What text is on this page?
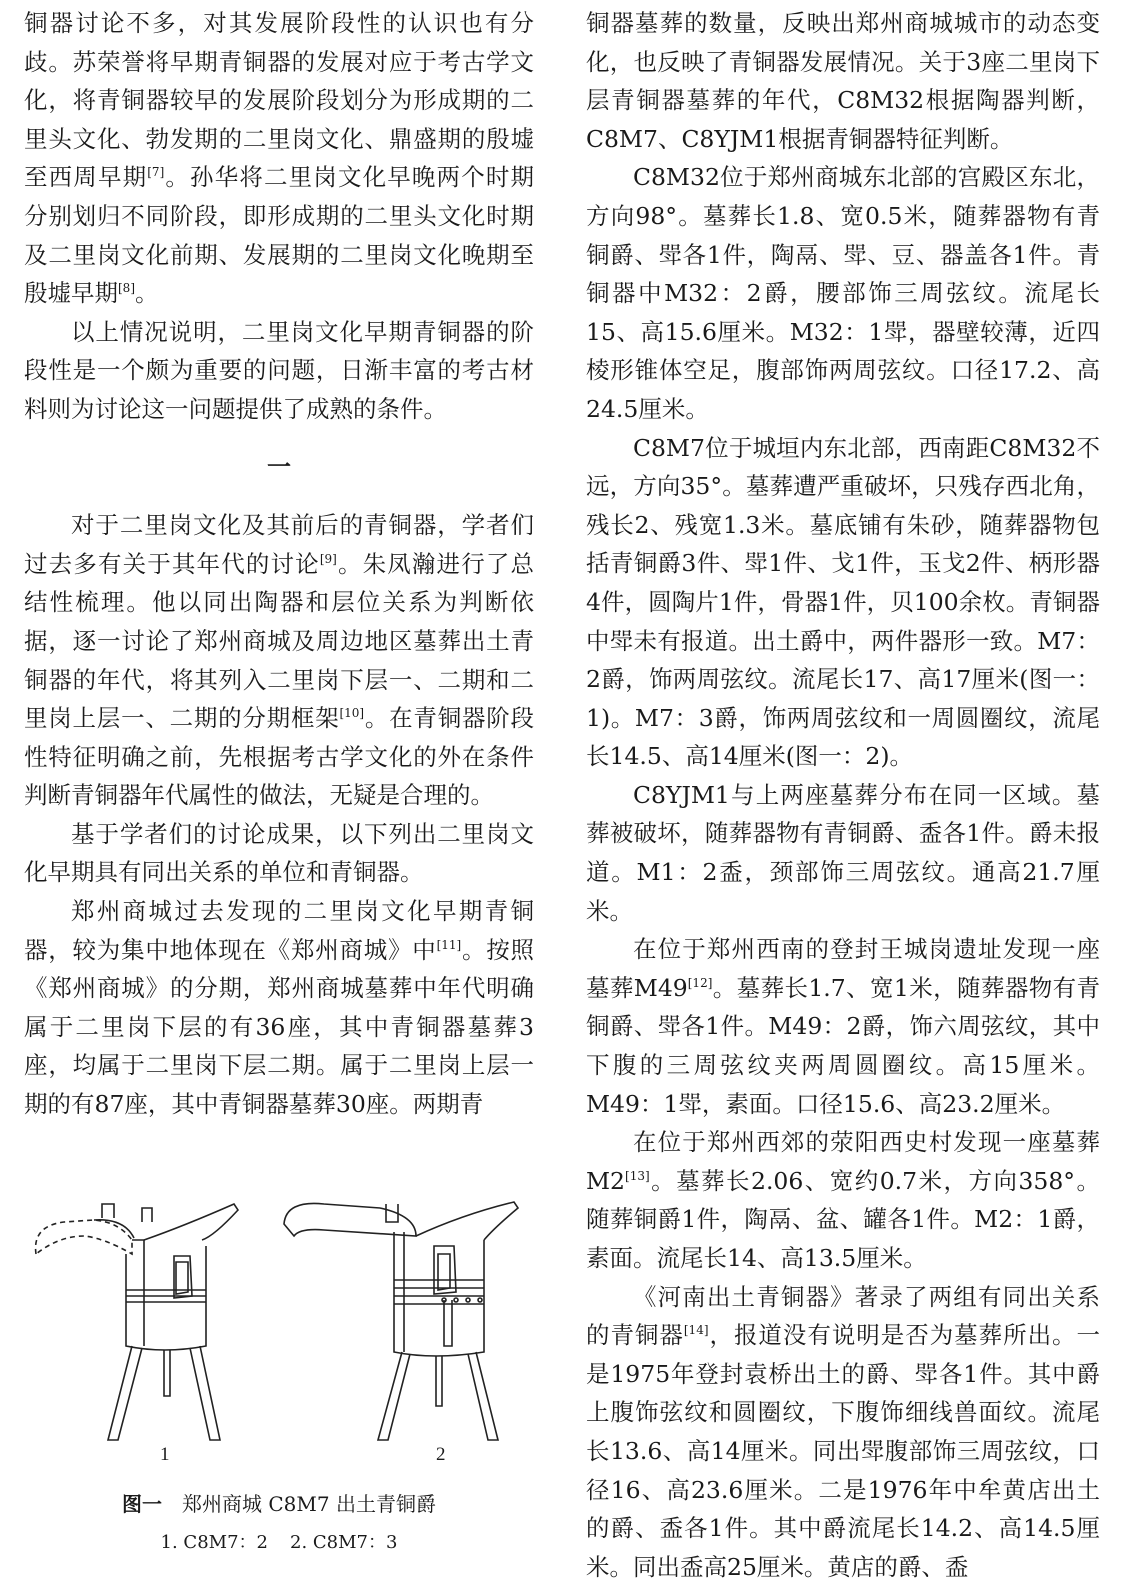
铜器讨论不多，对其发展阶段性的认识也有分歧。苏荣誉将早期青铜器的发展对应于考古学文化，将青铜器较早的发展阶段划分为形成期的二里头文化、勃发期的二里岗文化、鼎盛期的殷墟至西周早期[7]。孙华将二里岗文化早晚两个时期分别划归不同阶段，即形成期的二里头文化时期及二里岗文化前期、发展期的二里岗文化晚期至殷墟早期[8]。

以上情况说明，二里岗文化早期青铜器的阶段性是一个颇为重要的问题，日渐丰富的考古材料则为讨论这一问题提供了成熟的条件。

一

对于二里岗文化及其前后的青铜器，学者们过去多有关于其年代的讨论[9]。朱凤瀚进行了总结性梳理。他以同出陶器和层位关系为判断依据，逐一讨论了郑州商城及周边地区墓葬出土青铜器的年代，将其列入二里岗下层一、二期和二里岗上层一、二期的分期框架[10]。在青铜器阶段性特征明确之前，先根据考古学文化的外在条件判断青铜器年代属性的做法，无疑是合理的。

基于学者们的讨论成果，以下列出二里岗文化早期具有同出关系的单位和青铜器。

郑州商城过去发现的二里岗文化早期青铜器，较为集中地体现在《郑州商城》中[11]。按照《郑州商城》的分期，郑州商城墓葬中年代明确属于二里岗下层的有36座，其中青铜器墓葬3座，均属于二里岗下层二期。属于二里岗上层一期的有87座，其中青铜器墓葬30座。两期青

1	2
图一 郑州商城 C8M7 出土青铜爵
1. C8M7：2 2. C8M7：3

铜器墓葬的数量，反映出郑州商城城市的动态变化，也反映了青铜器发展情况。关于3座二里岗下层青铜器墓葬的年代，C8M32根据陶器判断，C8M7、C8YJM1根据青铜器特征判断。

C8M32位于郑州商城东北部的宫殿区东北，方向98°。墓葬长1.8、宽0.5米，随葬器物有青铜爵、斝各1件，陶鬲、斝、豆、器盖各1件。青铜器中M32：2爵，腰部饰三周弦纹。流尾长15、高15.6厘米。M32：1斝，器壁较薄，近四棱形锥体空足，腹部饰两周弦纹。口径17.2、高24.5厘米。

C8M7位于城垣内东北部，西南距C8M32不远，方向35°。墓葬遭严重破坏，只残存西北角，残长2、残宽1.3米。墓底铺有朱砂，随葬器物包括青铜爵3件、斝1件、戈1件，玉戈2件、柄形器4件，圆陶片1件，骨器1件，贝100余枚。青铜器中斝未有报道。出土爵中，两件器形一致。M7：2爵，饰两周弦纹。流尾长17、高17厘米(图一：1)。M7：3爵，饰两周弦纹和一周圆圈纹，流尾长14.5、高14厘米(图一：2)。

C8YJM1与上两座墓葬分布在同一区域。墓葬被破坏，随葬器物有青铜爵、盉各1件。爵未报道。M1：2盉，颈部饰三周弦纹。通高21.7厘米。

在位于郑州西南的登封王城岗遗址发现一座墓葬M49[12]。墓葬长1.7、宽1米，随葬器物有青铜爵、斝各1件。M49：2爵，饰六周弦纹，其中下腹的三周弦纹夹两周圆圈纹。高15厘米。M49：1斝，素面。口径15.6、高23.2厘米。

在位于郑州西郊的荥阳西史村发现一座墓葬M2[13]。墓葬长2.06、宽约0.7米，方向358°。随葬铜爵1件，陶鬲、盆、罐各1件。M2：1爵，素面。流尾长14、高13.5厘米。

《河南出土青铜器》著录了两组有同出关系的青铜器[14]，报道没有说明是否为墓葬所出。一是1975年登封袁桥出土的爵、斝各1件。其中爵上腹饰弦纹和圆圈纹，下腹饰细线兽面纹。流尾长13.6、高14厘米。同出斝腹部饰三周弦纹，口径16、高23.6厘米。二是1976年中牟黄店出土的爵、盉各1件。其中爵流尾长14.2、高14.5厘米。同出盉高25厘米。黄店的爵、盉
